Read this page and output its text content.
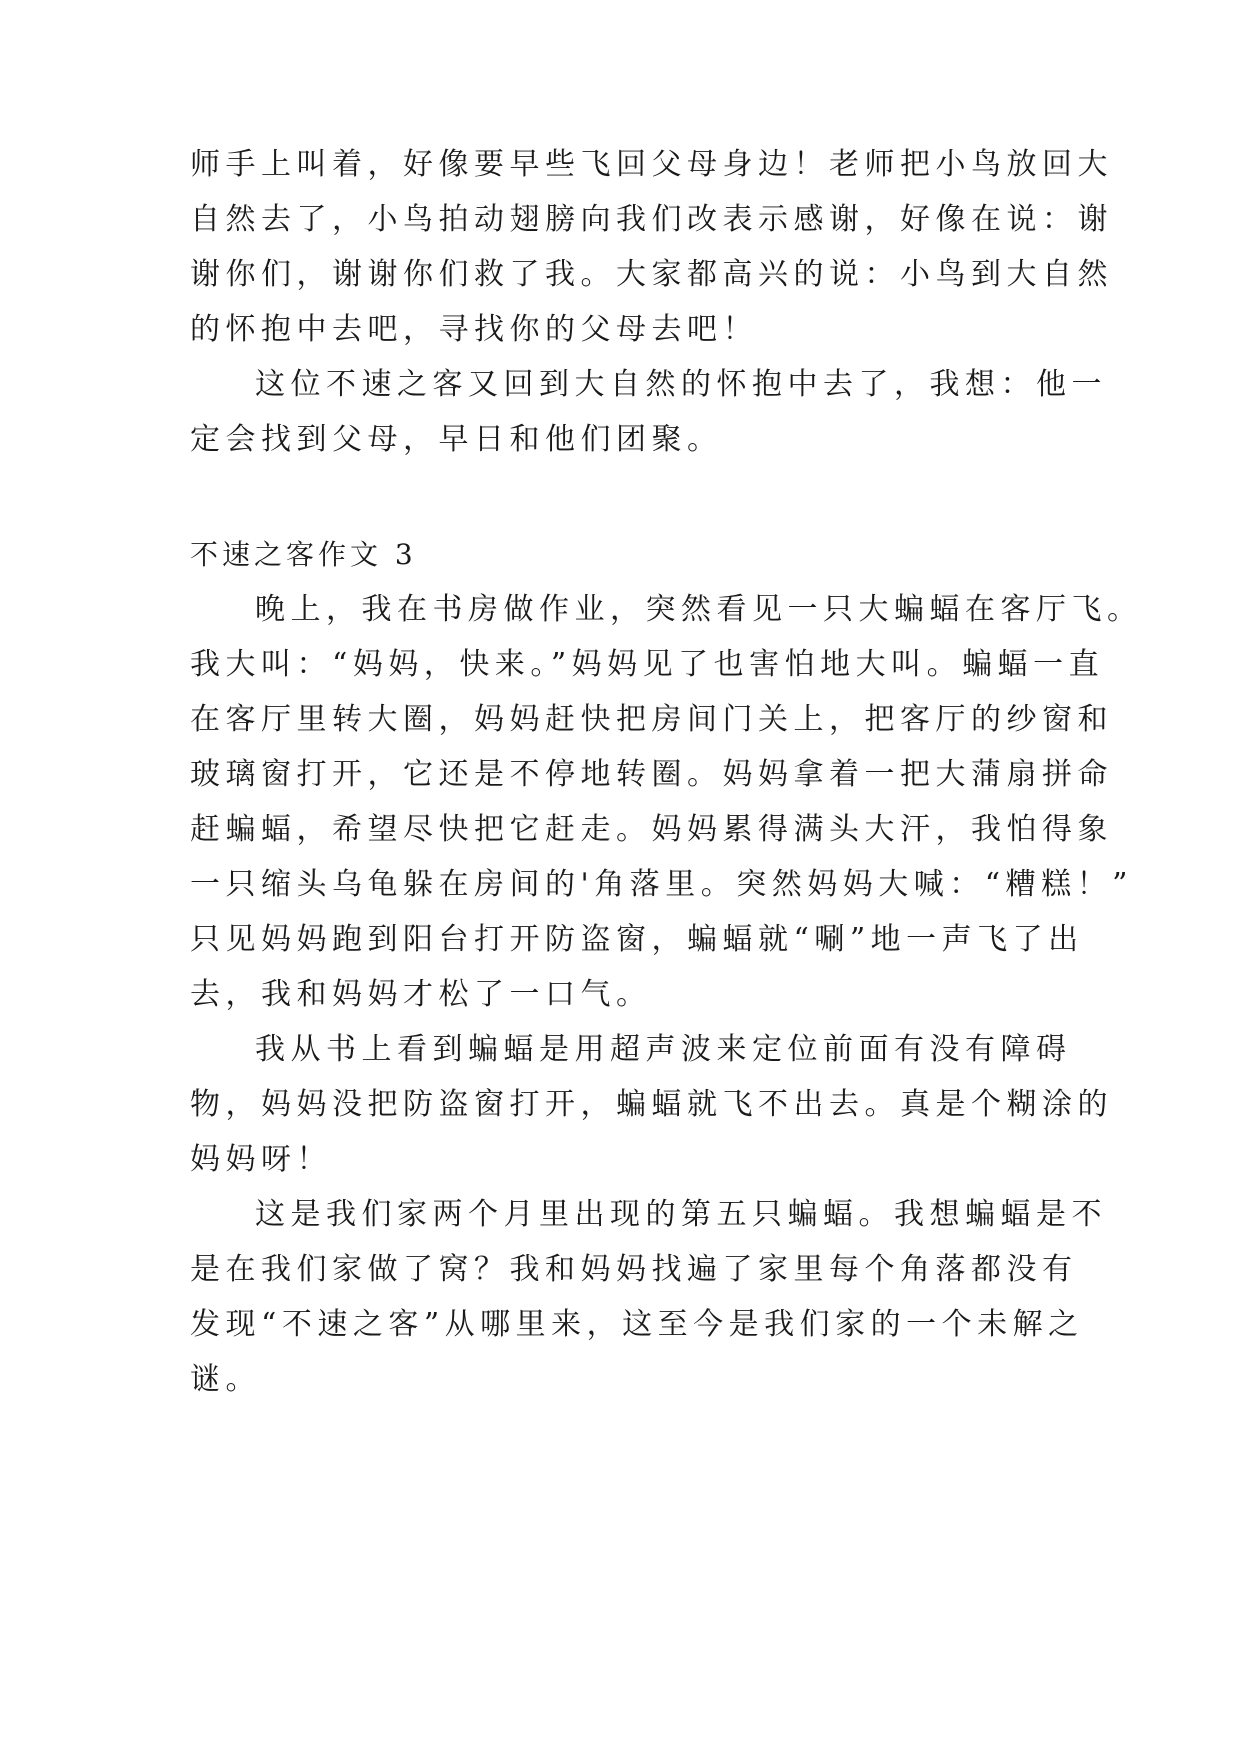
师手上叫着，好像要早些飞回父母身边！老师把小鸟放回大
自然去了，小鸟拍动翅膀向我们改表示感谢，好像在说：谢
谢你们，谢谢你们救了我。大家都高兴的说：小鸟到大自然
的怀抱中去吧，寻找你的父母去吧！
这位不速之客又回到大自然的怀抱中去了，我想：他一
定会找到父母，早日和他们团聚。
不速之客作文 3
晚上，我在书房做作业，突然看见一只大蝙蝠在客厅飞。
我大叫：“妈妈，快来。”妈妈见了也害怕地大叫。蝙蝠一直
在客厅里转大圈，妈妈赶快把房间门关上，把客厅的纱窗和
玻璃窗打开，它还是不停地转圈。妈妈拿着一把大蒲扇拼命
赶蝙蝠，希望尽快把它赶走。妈妈累得满头大汗，我怕得象
一只缩头乌龟躲在房间的'角落里。突然妈妈大喊：“糟糕！”
只见妈妈跑到阳台打开防盗窗，蝙蝠就“唰”地一声飞了出
去，我和妈妈才松了一口气。
我从书上看到蝙蝠是用超声波来定位前面有没有障碍
物，妈妈没把防盗窗打开，蝙蝠就飞不出去。真是个糊涂的
妈妈呀！
这是我们家两个月里出现的第五只蝙蝠。我想蝙蝠是不
是在我们家做了窝？我和妈妈找遍了家里每个角落都没有
发现“不速之客”从哪里来，这至今是我们家的一个未解之
谜。
